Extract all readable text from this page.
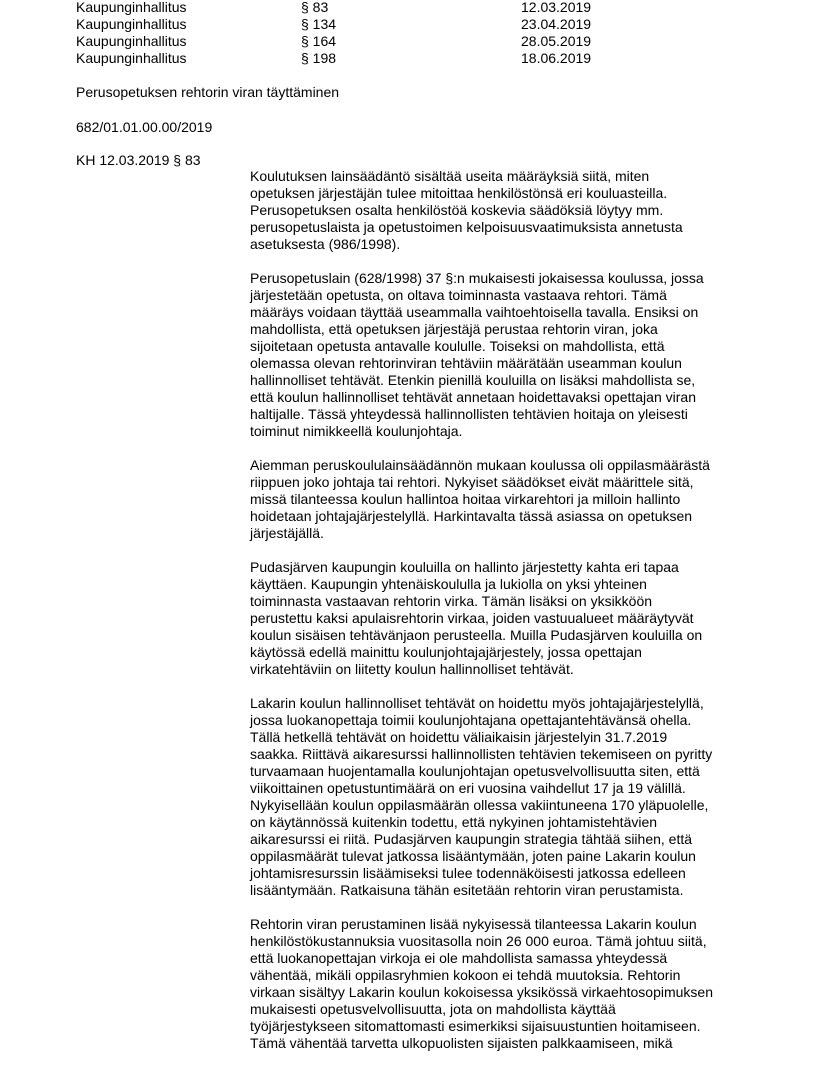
Kaupunginhallitus	§ 83	12.03.2019
Kaupunginhallitus	§ 134	23.04.2019
Kaupunginhallitus	§ 164	28.05.2019
Kaupunginhallitus	§ 198	18.06.2019
Perusopetuksen rehtorin viran täyttäminen
682/01.01.00.00/2019
KH 12.03.2019 § 83

Koulutuksen lainsäädäntö sisältää useita määräyksiä siitä, miten
opetuksen järjestäjän tulee mitoittaa henkilöstönsä eri kouluasteilla.
Perusopetuksen osalta henkilöstöä koskevia säädöksiä löytyy mm.
perusopetuslaista ja opetustoimen kelpoisuusvaatimuksista annetusta
asetuksesta (986/1998).

Perusopetuslain (628/1998) 37 §:n mukaisesti jokaisessa koulussa, jossa
järjestetään opetusta, on oltava toiminnasta vastaava rehtori. Tämä
määräys voidaan täyttää useammalla vaihtoehtoisella tavalla. Ensiksi on
mahdollista, että opetuksen järjestäjä perustaa rehtorin viran, joka
sijoitetaan opetusta antavalle koululle. Toiseksi on mahdollista, että
olemassa olevan rehtorinviran tehtäviin määrätään useamman koulun
hallinnolliset tehtävät. Etenkin pienillä kouluilla on lisäksi mahdollista se,
että koulun hallinnolliset tehtävät annetaan hoidettavaksi opettajan viran
haltijalle. Tässä yhteydessä hallinnollisten tehtävien hoitaja on yleisesti
toiminut nimikkeellä koulunjohtaja.

Aiemman peruskoululainsäädännön mukaan koulussa oli oppilasmäärästä
riippuen joko johtaja tai rehtori. Nykyiset säädökset eivät määrittele sitä,
missä tilanteessa koulun hallintoa hoitaa virkarehtori ja milloin hallinto
hoidetaan johtajajärjestelyllä. Harkintavalta tässä asiassa on opetuksen
järjestäjällä.

Pudasjärven kaupungin kouluilla on hallinto järjestetty kahta eri tapaa
käyttäen. Kaupungin yhtenäiskoululla ja lukiolla on yksi yhteinen
toiminnasta vastaavan rehtorin virka. Tämän lisäksi on yksikköön
perustettu kaksi apulaisrehtorin virkaa, joiden vastuualueet määräytyvät
koulun sisäisen tehtävänjaon perusteella. Muilla Pudasjärven kouluilla on
käytössä edellä mainittu koulunjohtajajärjestely, jossa opettajan
virkatehtäviin on liitetty koulun hallinnolliset tehtävät.

Lakarin koulun hallinnolliset tehtävät on hoidettu myös johtajajärjestelyllä,
jossa luokanopettaja toimii koulunjohtajana opettajantehtävänsä ohella.
Tällä hetkellä tehtävät on hoidettu väliaikaisin järjestelyin 31.7.2019
saakka. Riittävä aikaresurssi hallinnollisten tehtävien tekemiseen on pyritty
turvaamaan huojentamalla koulunjohtajan opetusvelvollisuutta siten, että
viikoittainen opetustuntimäärä on eri vuosina vaihdellut 17 ja 19 välillä.
Nykyisellään koulun oppilasmäärän ollessa vakiintuneena 170 yläpuolelle,
on käytännössä kuitenkin todettu, että nykyinen johtamistehtävien
aikaresurssi ei riitä. Pudasjärven kaupungin strategia tähtää siihen, että
oppilasmäärät tulevat jatkossa lisääntymään, joten paine Lakarin koulun
johtamisresurssin lisäämiseksi tulee todennäköisesti jatkossa edelleen
lisääntymään. Ratkaisuna tähän esitetään rehtorin viran perustamista.

Rehtorin viran perustaminen lisää nykyisessä tilanteessa Lakarin koulun
henkilöstökustannuksia vuositasolla noin 26 000 euroa. Tämä johtuu siitä,
että luokanopettajan virkoja ei ole mahdollista samassa yhteydessä
vähentää, mikäli oppilasryhmien kokoon ei tehdä muutoksia. Rehtorin
virkaan sisältyy Lakarin koulun kokoisessa yksikössä virkaehtosopimuksen
mukaisesti opetusvelvollisuutta, jota on mahdollista käyttää
työjärjestykseen sitomattomasti esimerkiksi sijaisuustuntien hoitamiseen.
Tämä vähentää tarvetta ulkopuolisten sijaisten palkkaamiseen, mikä
